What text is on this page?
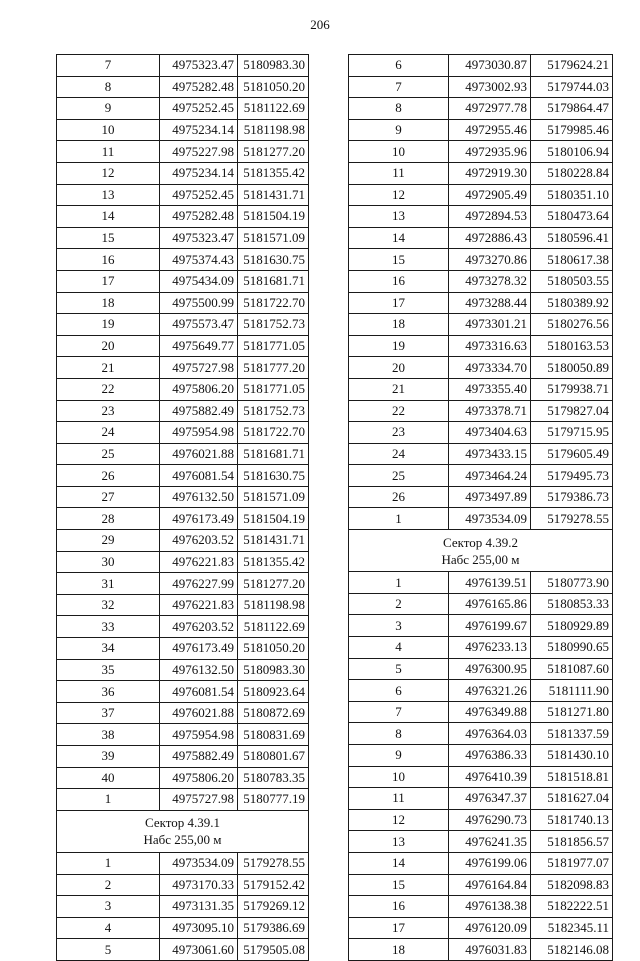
206
7	4975323.47	5180983.30
8	4975282.48	5181050.20
9	4975252.45	5181122.69
10	4975234.14	5181198.98
11	4975227.98	5181277.20
12	4975234.14	5181355.42
13	4975252.45	5181431.71
14	4975282.48	5181504.19
15	4975323.47	5181571.09
16	4975374.43	5181630.75
17	4975434.09	5181681.71
18	4975500.99	5181722.70
19	4975573.47	5181752.73
20	4975649.77	5181771.05
21	4975727.98	5181777.20
22	4975806.20	5181771.05
23	4975882.49	5181752.73
24	4975954.98	5181722.70
25	4976021.88	5181681.71
26	4976081.54	5181630.75
27	4976132.50	5181571.09
28	4976173.49	5181504.19
29	4976203.52	5181431.71
30	4976221.83	5181355.42
31	4976227.99	5181277.20
32	4976221.83	5181198.98
33	4976203.52	5181122.69
34	4976173.49	5181050.20
35	4976132.50	5180983.30
36	4976081.54	5180923.64
37	4976021.88	5180872.69
38	4975954.98	5180831.69
39	4975882.49	5180801.67
40	4975806.20	5180783.35
1	4975727.98	5180777.19

Сектор 4.39.1
Набс 255,00 м		

1	4973534.09	5179278.55
2	4973170.33	5179152.42
3	4973131.35	5179269.12
4	4973095.10	5179386.69
5	4973061.60	5179505.08
6	4973030.87	5179624.21
7	4973002.93	5179744.03
8	4972977.78	5179864.47
9	4972955.46	5179985.46
10	4972935.96	5180106.94
11	4972919.30	5180228.84
12	4972905.49	5180351.10
13	4972894.53	5180473.64
14	4972886.43	5180596.41
15	4973270.86	5180617.38
16	4973278.32	5180503.55
17	4973288.44	5180389.92
18	4973301.21	5180276.56
19	4973316.63	5180163.53
20	4973334.70	5180050.89
21	4973355.40	5179938.71
22	4973378.71	5179827.04
23	4973404.63	5179715.95
24	4973433.15	5179605.49
25	4973464.24	5179495.73
26	4973497.89	5179386.73
1	4973534.09	5179278.55

Сектор 4.39.2
Набс 255,00 м		

1	4976139.51	5180773.90
2	4976165.86	5180853.33
3	4976199.67	5180929.89
4	4976233.13	5180990.65
5	4976300.95	5181087.60
6	4976321.26	5181111.90
7	4976349.88	5181271.80
8	4976364.03	5181337.59
9	4976386.33	5181430.10
10	4976410.39	5181518.81
11	4976347.37	5181627.04
12	4976290.73	5181740.13
13	4976241.35	5181856.57
14	4976199.06	5181977.07
15	4976164.84	5182098.83
16	4976138.38	5182222.51
17	4976120.09	5182345.11
18	4976031.83	5182146.08
